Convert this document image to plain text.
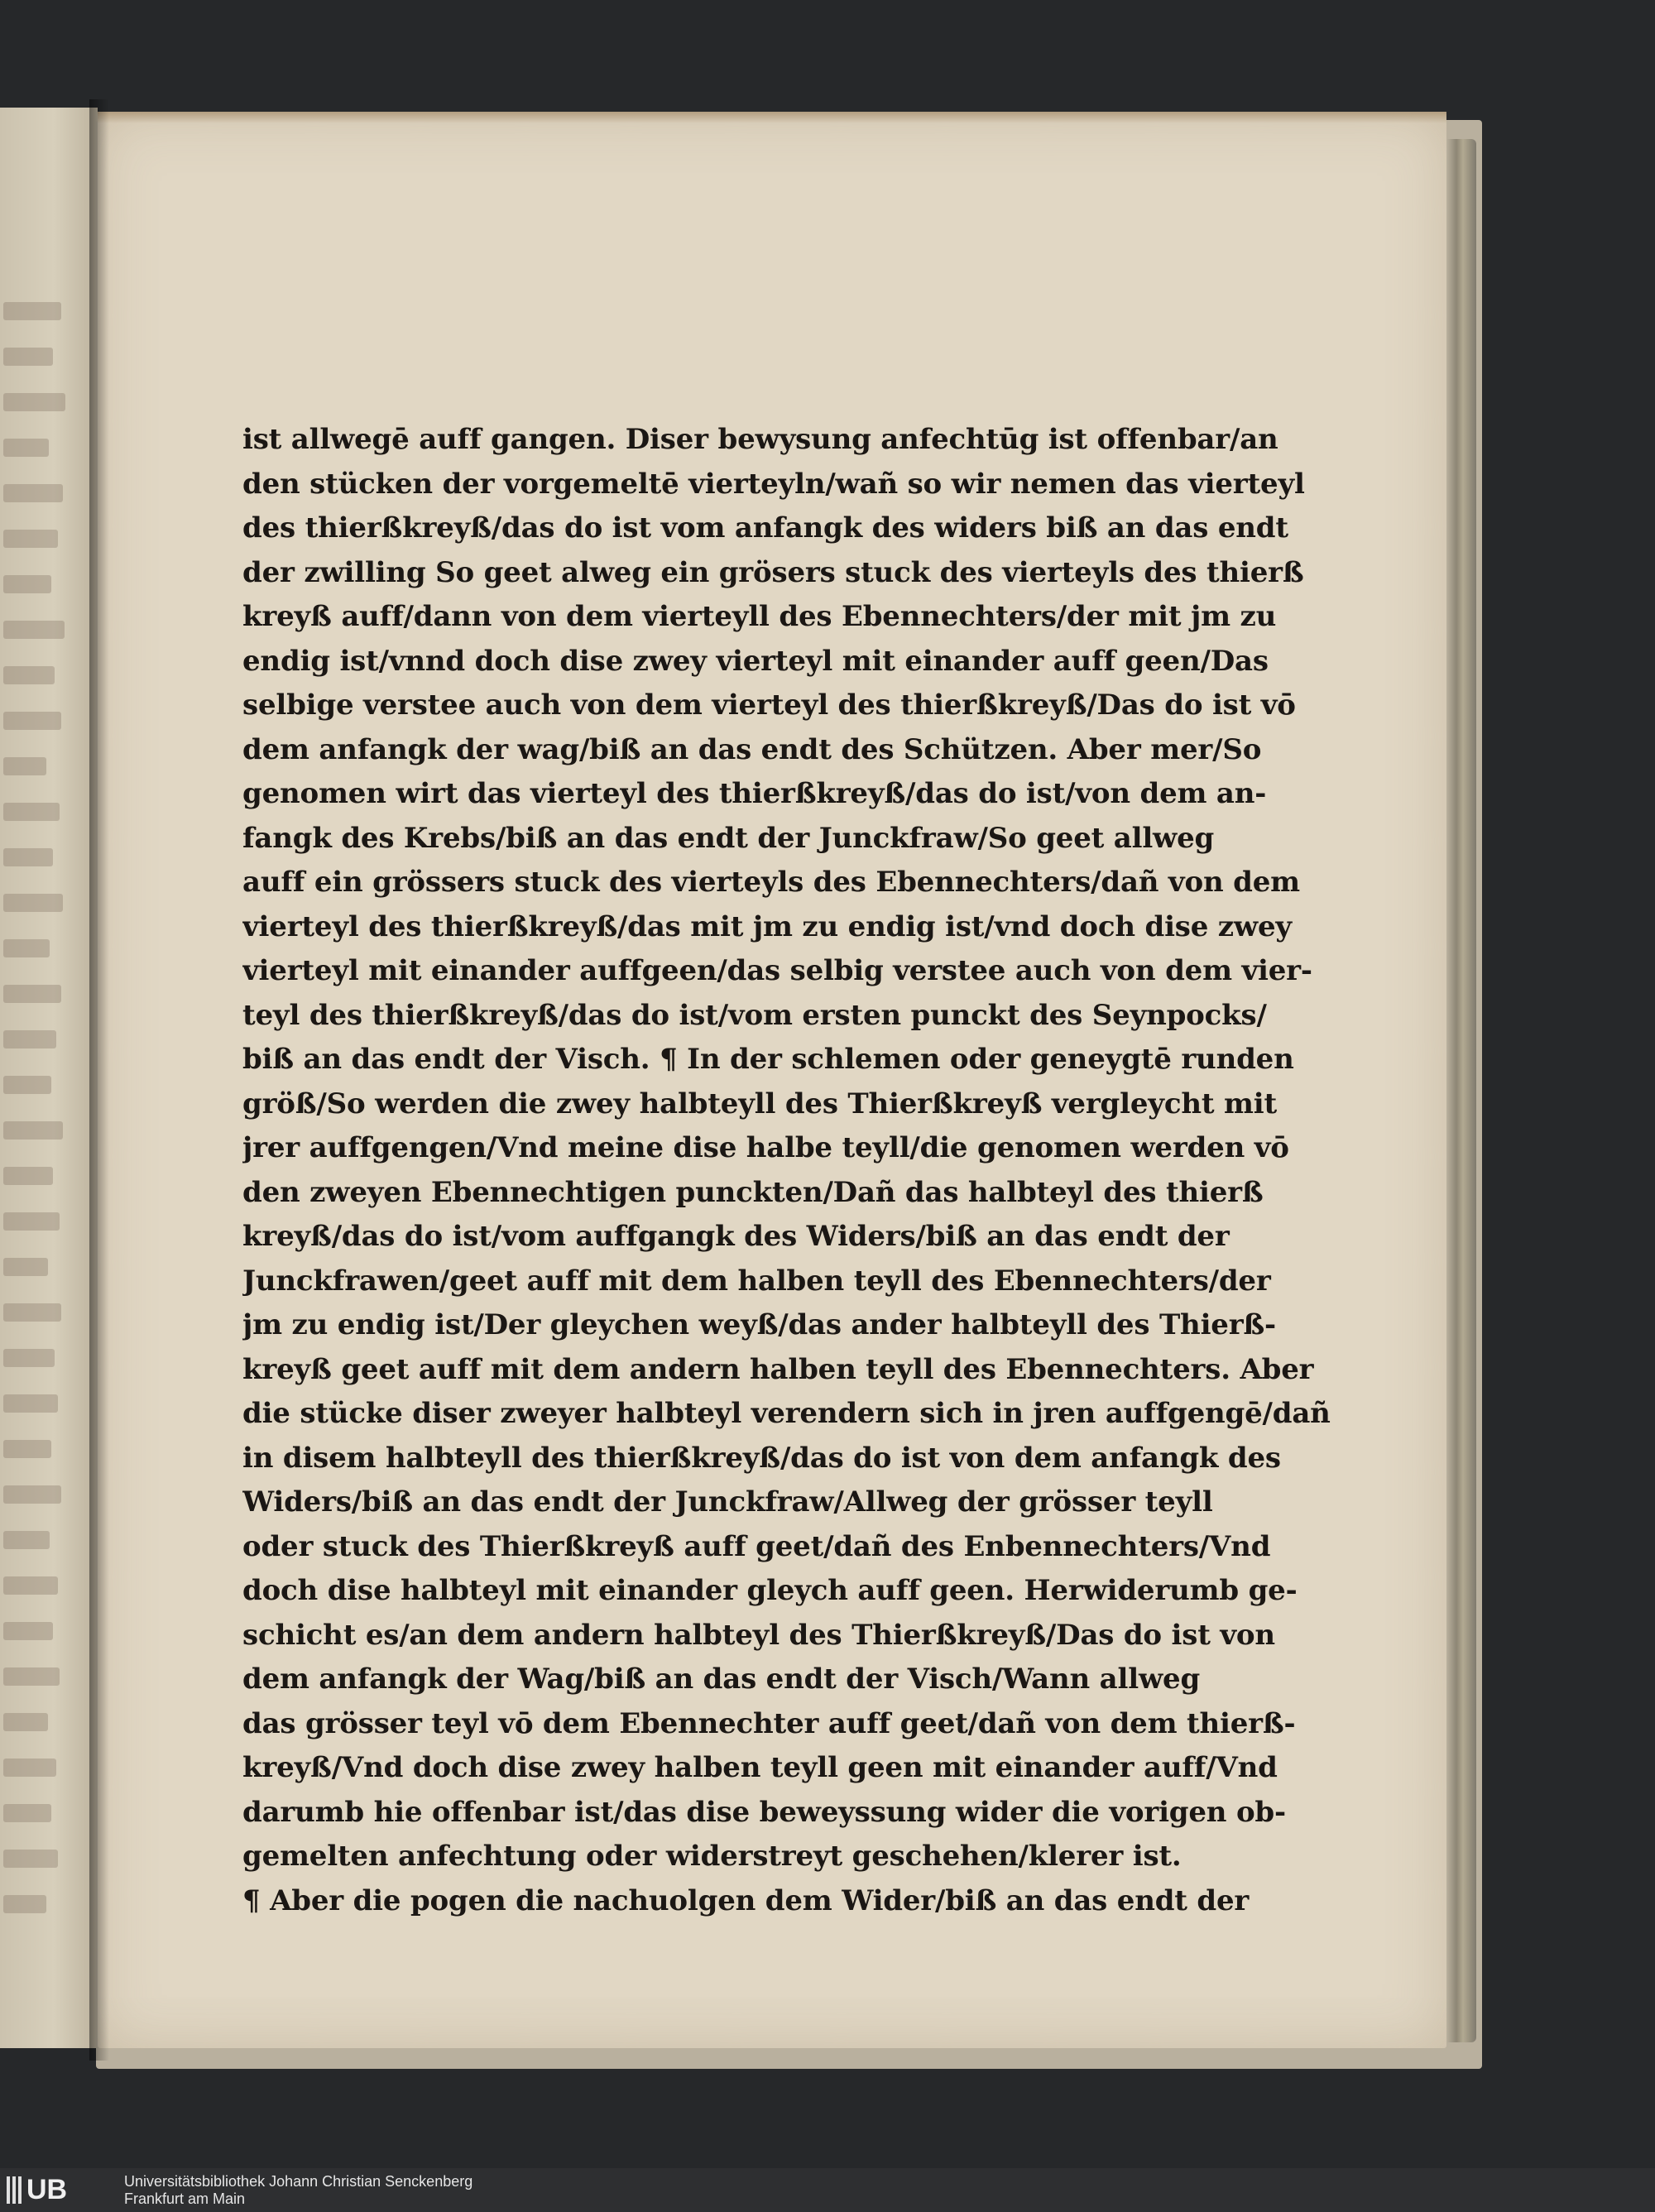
ist allwegē auff gangen. Diser bewysung anfechtūg ist offenbar/an
den stücken der vorgemeltē vierteyln/wañ so wir nemen das vierteyl
des thierßkreyß/das do ist vom anfangk des widers biß an das endt
der zwilling So geet alweg ein grösers stuck des vierteyls des thierß
kreyß auff/dann von dem vierteyll des Ebennechters/der mit jm zu
endig ist/vnnd doch dise zwey vierteyl mit einander auff geen/Das
selbige verstee auch von dem vierteyl des thierßkreyß/Das do ist vō
dem anfangk der wag/biß an das endt des Schützen. Aber mer/So
genomen wirt das vierteyl des thierßkreyß/das do ist/von dem an-
fangk des Krebs/biß an das endt der Junckfraw/So geet allweg
auff ein grössers stuck des vierteyls des Ebennechters/dañ von dem
vierteyl des thierßkreyß/das mit jm zu endig ist/vnd doch dise zwey
vierteyl mit einander auffgeen/das selbig verstee auch von dem vier-
teyl des thierßkreyß/das do ist/vom ersten punckt des Seynpocks/
biß an das endt der Visch. ¶ In der schlemen oder geneygtē runden
größ/So werden die zwey halbteyll des Thierßkreyß vergleycht mit
jrer auffgengen/Vnd meine dise halbe teyll/die genomen werden vō
den zweyen Ebennechtigen punckten/Dañ das halbteyl des thierß
kreyß/das do ist/vom auffgangk des Widers/biß an das endt der
Junckfrawen/geet auff mit dem halben teyll des Ebennechters/der
jm zu endig ist/Der gleychen weyß/das ander halbteyll des Thierß-
kreyß geet auff mit dem andern halben teyll des Ebennechters. Aber
die stücke diser zweyer halbteyl verendern sich in jren auffgengē/dañ
in disem halbteyll des thierßkreyß/das do ist von dem anfangk des
Widers/biß an das endt der Junckfraw/Allweg der grösser teyll
oder stuck des Thierßkreyß auff geet/dañ des Enbennechters/Vnd
doch dise halbteyl mit einander gleych auff geen. Herwiderumb ge-
schicht es/an dem andern halbteyl des Thierßkreyß/Das do ist von
dem anfangk der Wag/biß an das endt der Visch/Wann allweg
das grösser teyl vō dem Ebennechter auff geet/dañ von dem thierß-
kreyß/Vnd doch dise zwey halben teyll geen mit einander auff/Vnd
darumb hie offenbar ist/das dise beweyssung wider die vorigen ob-
gemelten anfechtung oder widerstreyt geschehen/klerer ist.
¶ Aber die pogen die nachuolgen dem Wider/biß an das endt der
UB	Universitätsbibliothek Johann Christian Senckenberg
Frankfurt am Main
